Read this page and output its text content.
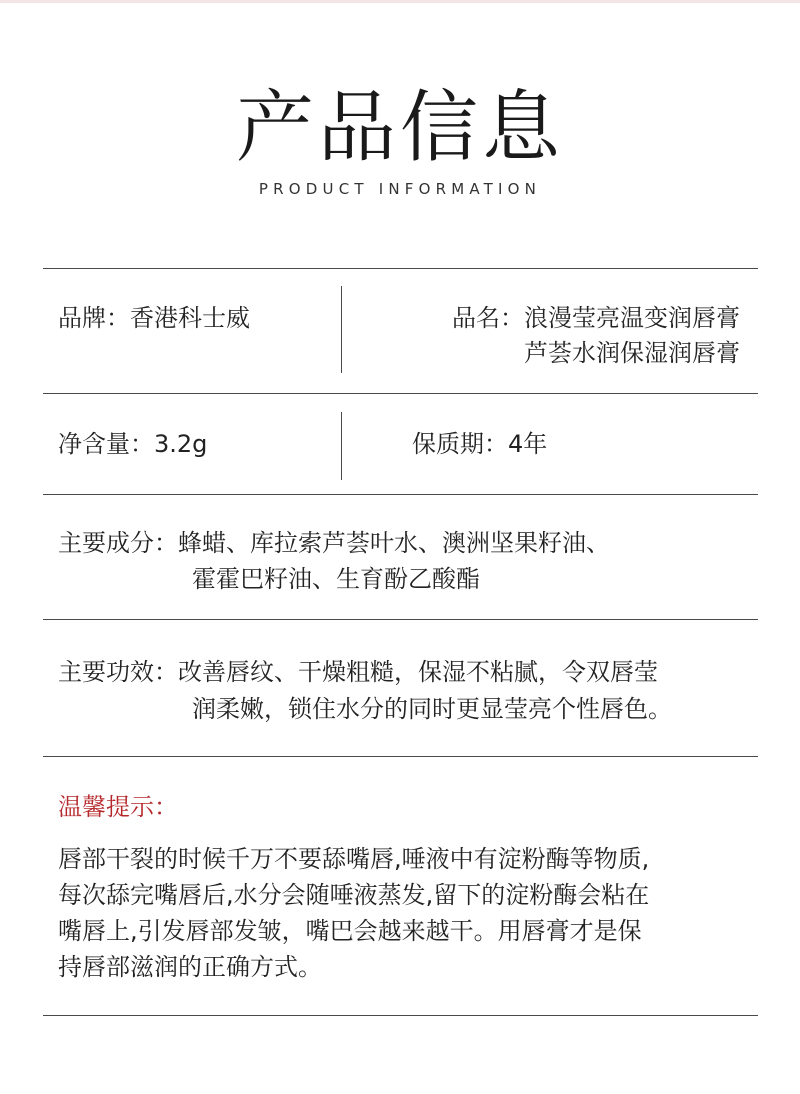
产品信息
PRODUCT INFORMATION
品牌：香港科士威	品名：浪漫莹亮温变润唇膏
芦荟水润保湿润唇膏
净含量：3.2g	保质期：4年
主要成分：蜂蜡、库拉索芦荟叶水、澳洲坚果籽油、
霍霍巴籽油、生育酚乙酸酯
主要功效：改善唇纹、干燥粗糙，保湿不粘腻，令双唇莹
润柔嫩，锁住水分的同时更显莹亮个性唇色。
温馨提示：
唇部干裂的时候千万不要舔嘴唇,唾液中有淀粉酶等物质,
每次舔完嘴唇后,水分会随唾液蒸发,留下的淀粉酶会粘在
嘴唇上,引发唇部发皱，嘴巴会越来越干。用唇膏才是保
持唇部滋润的正确方式。
